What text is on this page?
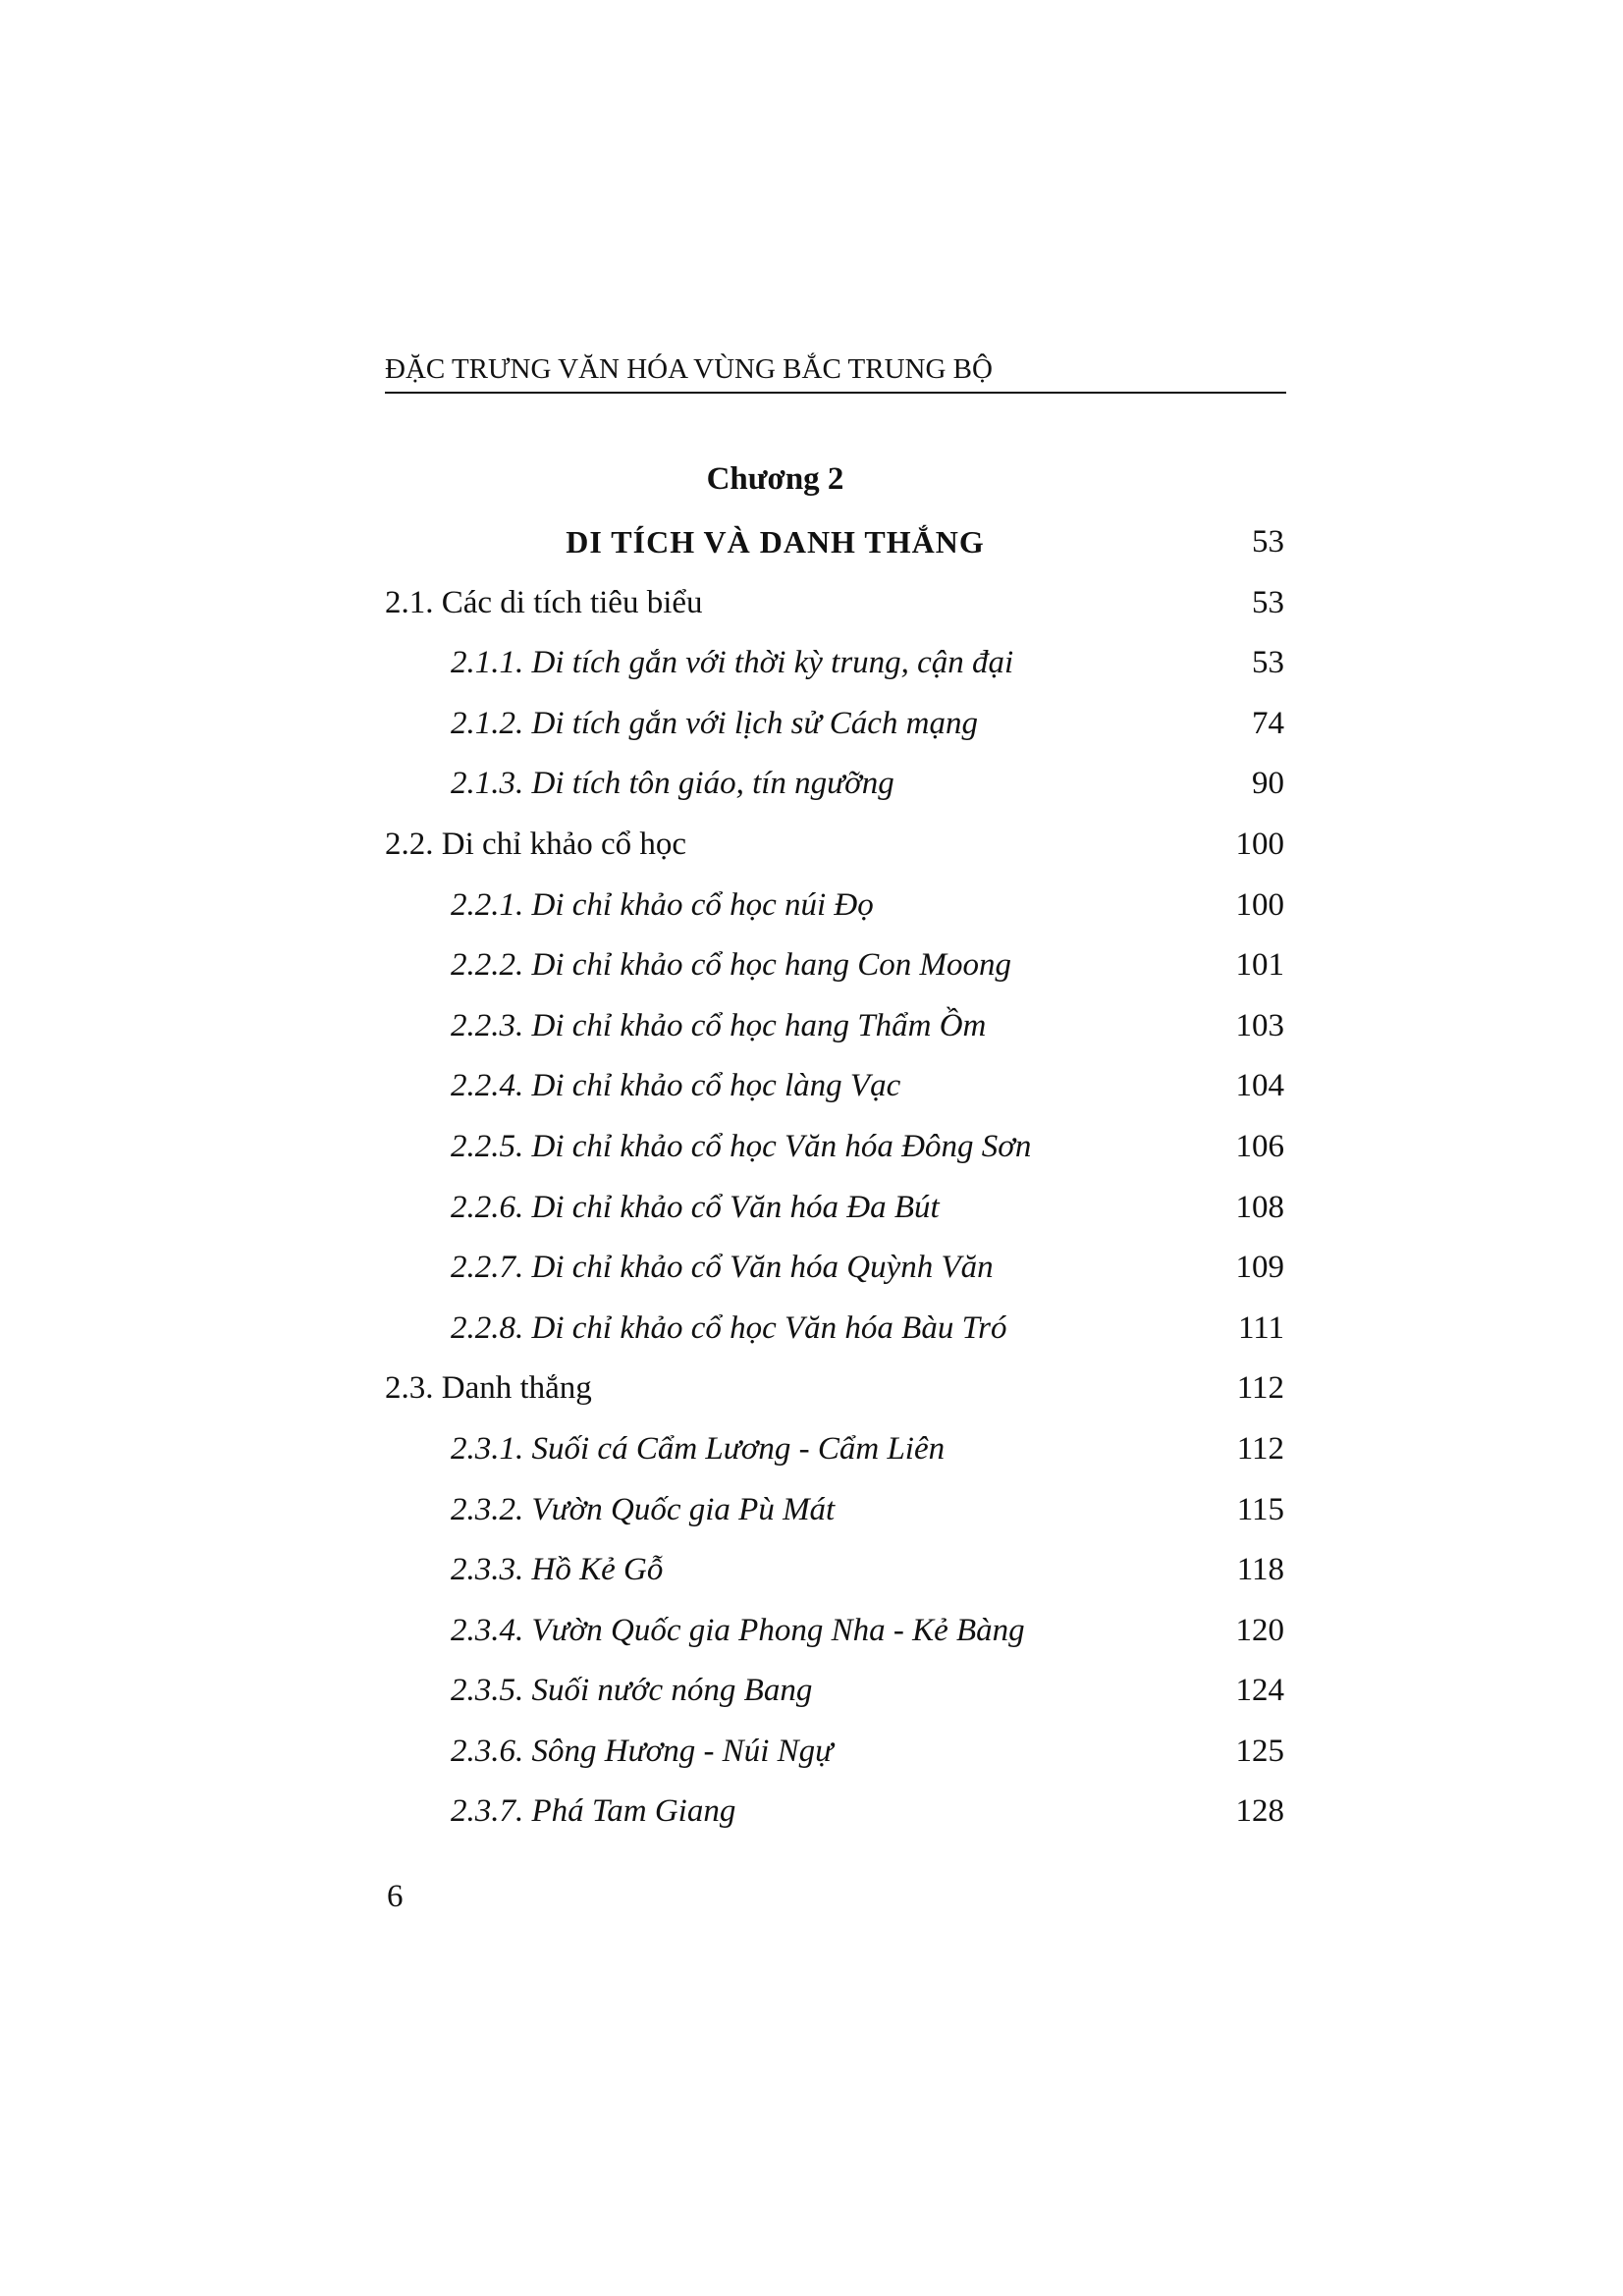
ĐẶC TRƯNG VĂN HÓA VÙNG BẮC TRUNG BỘ
Chương 2
DI TÍCH VÀ DANH THẮNG	53
2.1. Các di tích tiêu biểu	53
2.1.1. Di tích gắn với thời kỳ trung, cận đại	53
2.1.2. Di tích gắn với lịch sử Cách mạng	74
2.1.3. Di tích tôn giáo, tín ngưỡng	90
2.2. Di chỉ khảo cổ học	100
2.2.1. Di chỉ khảo cổ học núi Đọ	100
2.2.2. Di chỉ khảo cổ học hang Con Moong	101
2.2.3. Di chỉ khảo cổ học hang Thẩm Ồm	103
2.2.4. Di chỉ khảo cổ học làng Vạc	104
2.2.5. Di chỉ khảo cổ học Văn hóa Đông Sơn	106
2.2.6. Di chỉ khảo cổ Văn hóa Đa Bút	108
2.2.7. Di chỉ khảo cổ Văn hóa Quỳnh Văn	109
2.2.8. Di chỉ khảo cổ học Văn hóa Bàu Tró	111
2.3. Danh thắng	112
2.3.1. Suối cá Cẩm Lương - Cẩm Liên	112
2.3.2. Vườn Quốc gia Pù Mát	115
2.3.3. Hồ Kẻ Gỗ	118
2.3.4. Vườn Quốc gia Phong Nha - Kẻ Bàng	120
2.3.5. Suối nước nóng Bang	124
2.3.6. Sông Hương - Núi Ngự	125
2.3.7. Phá Tam Giang	128
6
